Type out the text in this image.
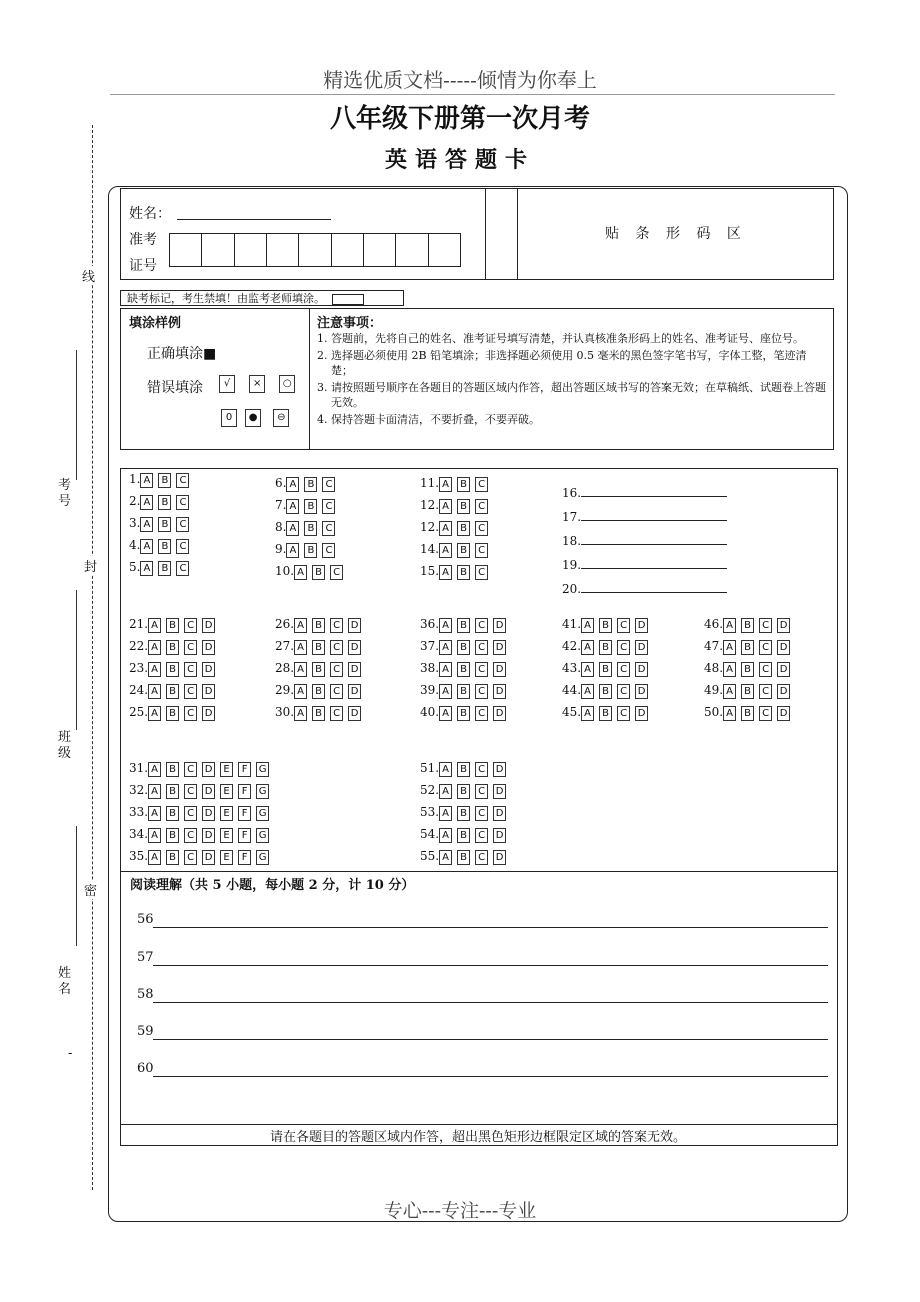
精选优质文档-----倾情为你奉上
八年级下册第一次月考
英语答题卡
线
考号
封
班级
密
姓名
-
姓名：
准考
证号
贴 条 形 码 区
缺考标记，考生禁填！由监考老师填涂。
填涂样例
正确填涂■
错误填涂	√ × ○
0 ● ⊖
注意事项：
1. 答题前，先将自己的姓名、准考证号填写清楚，并认真核准条形码上的姓名、准考证号、座位号。
2. 选择题必须使用 2B 铅笔填涂；非选择题必须使用 0.5 毫米的黑色签字笔书写，字体工整，笔迹清楚；
3. 请按照题号顺序在各题目的答题区域内作答，超出答题区域书写的答案无效；在草稿纸、试题卷上答题无效。
4. 保持答题卡面清洁，不要折叠，不要弄破。
1. A B C
2. A B C
3. A B C
4. A B C
5. A B C
6. A B C
7. A B C
8. A B C
9. A B C
10. A B C
11. A B C
12. A B C
12. A B C
14. A B C
15. A B C
21. A B C D
22. A B C D
23. A B C D
24. A B C D
25. A B C D
26. A B C D
27. A B C D
28. A B C D
29. A B C D
30. A B C D
36. A B C D
37. A B C D
38. A B C D
39. A B C D
40. A B C D
41. A B C D
42. A B C D
43. A B C D
44. A B C D
45. A B C D
46. A B C D
47. A B C D
48. A B C D
49. A B C D
50. A B C D
31. A B C D E F G
32. A B C D E F G
33. A B C D E F G
34. A B C D E F G
35. A B C D E F G
51. A B C D
52. A B C D
53. A B C D
54. A B C D
55. A B C D
16.
17.
18.
19.
20.
阅读理解（共 5 小题，每小题 2 分，计 10 分）
56
57
58
59
60
请在各题目的答题区域内作答，超出黑色矩形边框限定区域的答案无效。
专心---专注---专业
